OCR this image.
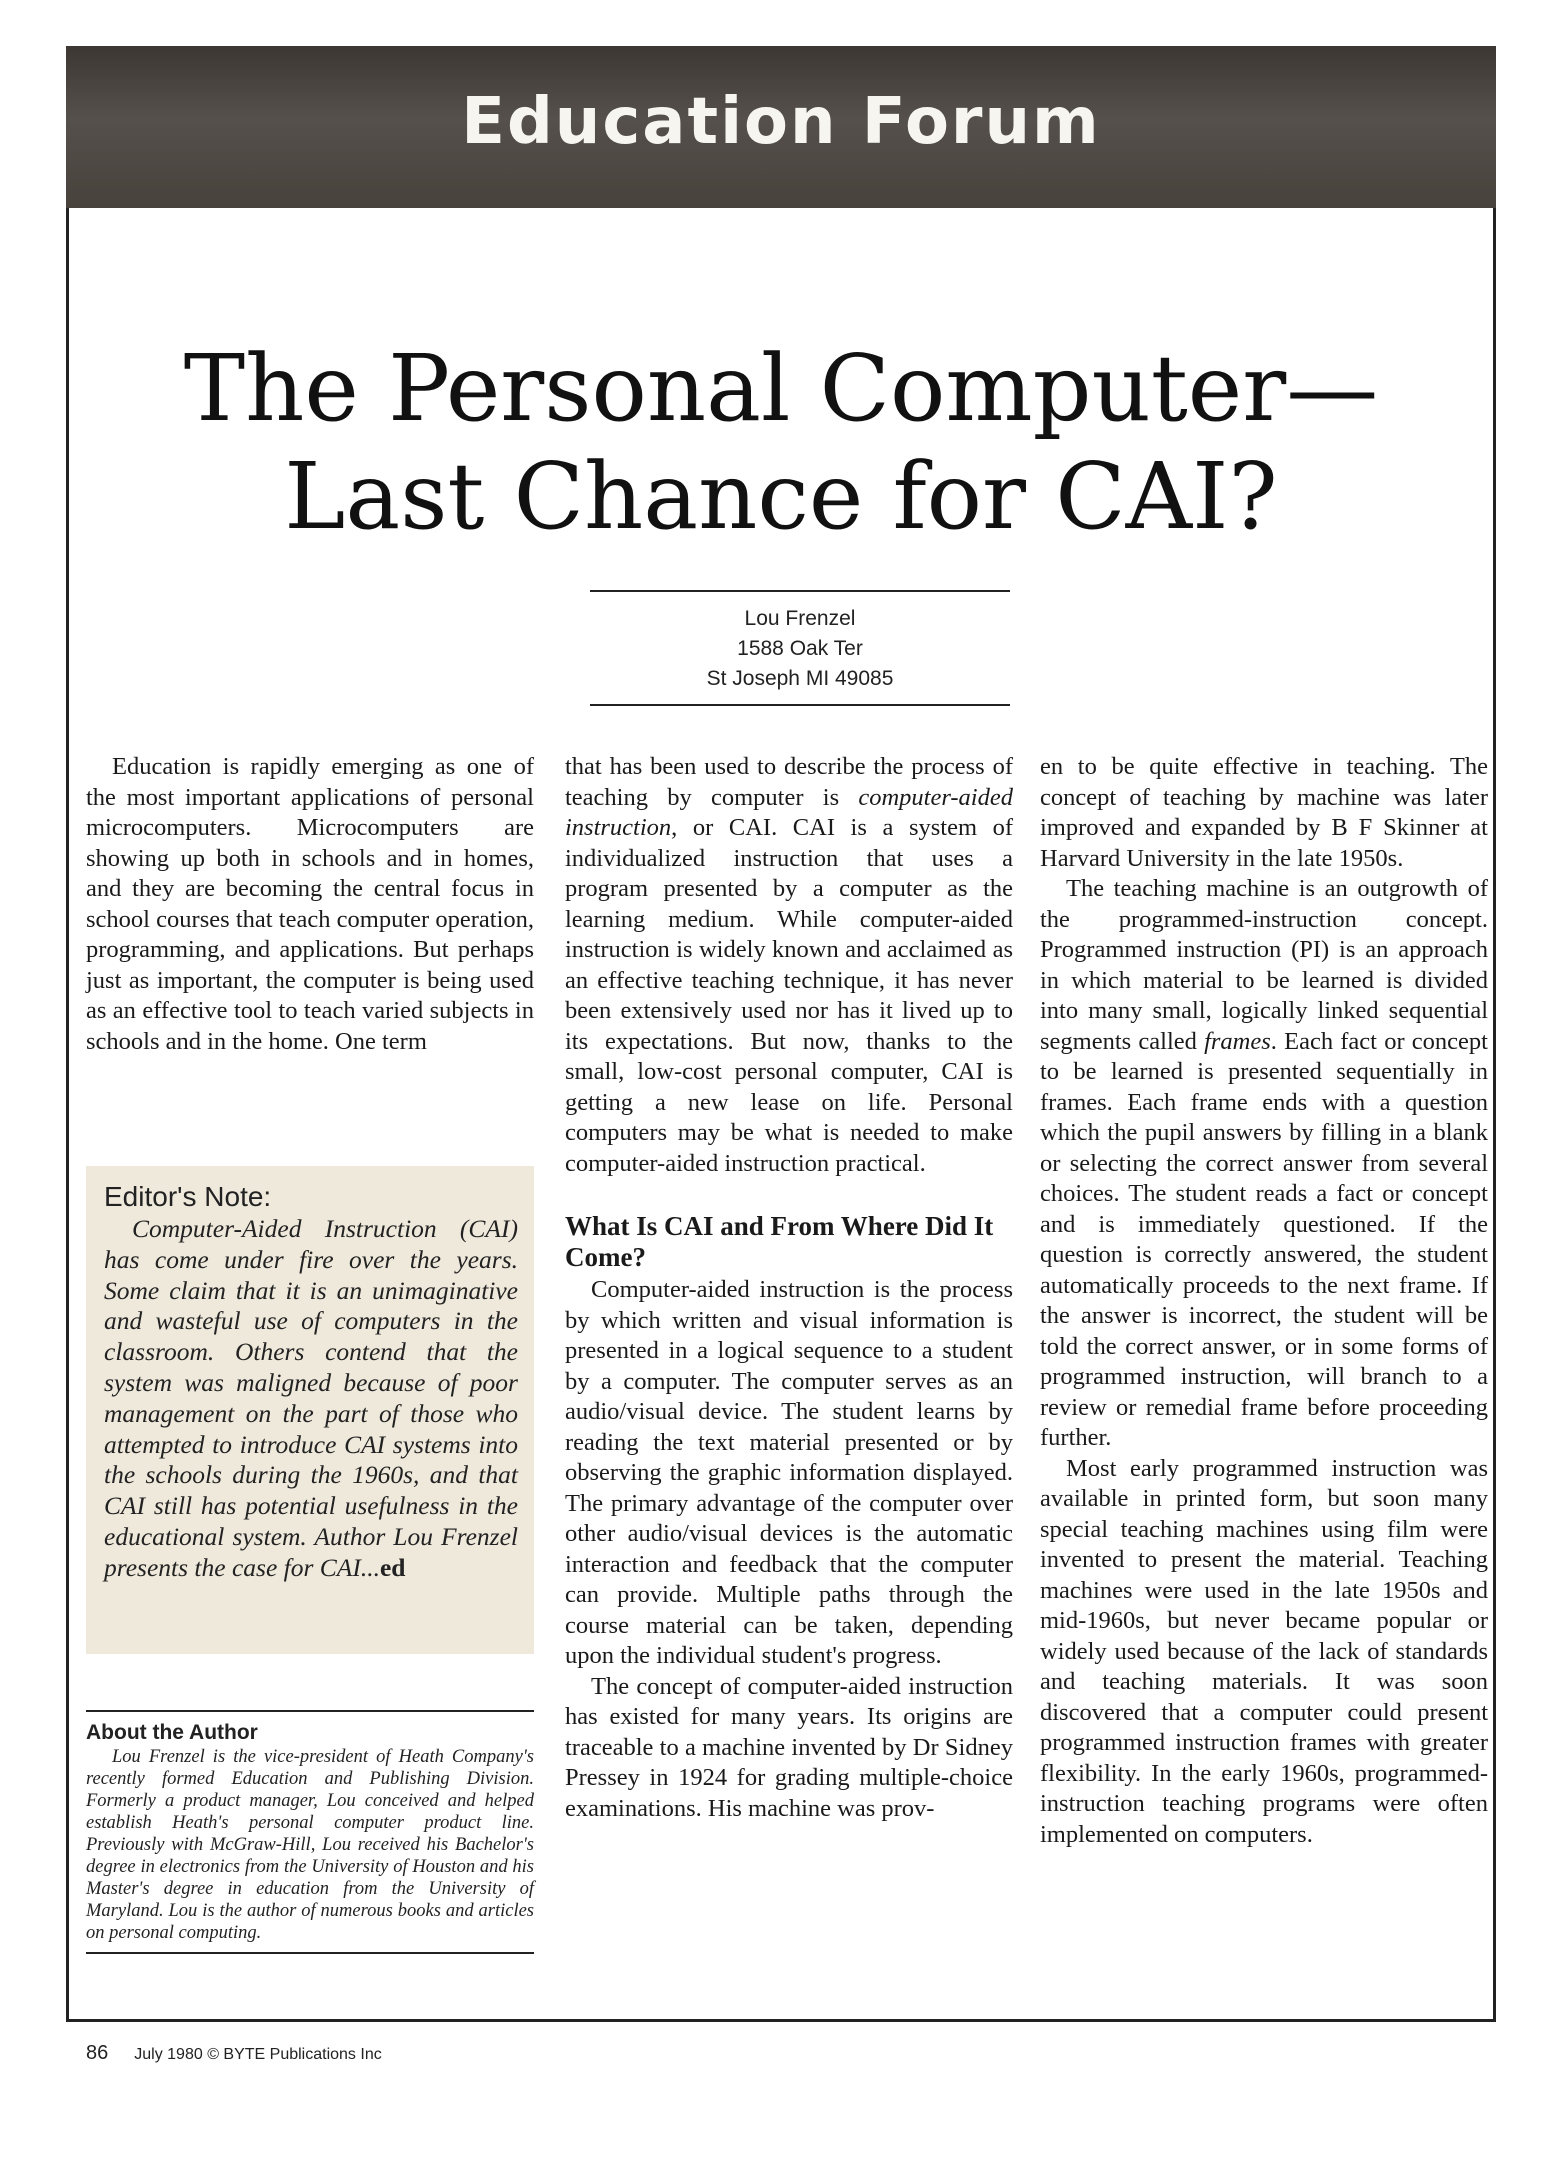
Education Forum
The Personal Computer—
Last Chance for CAI?
Lou Frenzel
1588 Oak Ter
St Joseph MI 49085

Education is rapidly emerging as one of the most important applications of personal microcomputers. Microcomputers are showing up both in schools and in homes, and they are becoming the central focus in school courses that teach computer operation, programming, and applications. But perhaps just as important, the computer is being used as an effective tool to teach varied subjects in schools and in the home. One term

Editor's Note:

Computer-Aided Instruction (CAI) has come under fire over the years. Some claim that it is an unimaginative and wasteful use of computers in the classroom. Others contend that the system was maligned because of poor management on the part of those who attempted to introduce CAI systems into the schools during the 1960s, and that CAI still has potential usefulness in the educational system. Author Lou Frenzel presents the case for CAI...ed

About the Author

Lou Frenzel is the vice-president of Heath Company's recently formed Education and Publishing Division. Formerly a product manager, Lou conceived and helped establish Heath's personal computer product line. Previously with McGraw-Hill, Lou received his Bachelor's degree in electronics from the University of Houston and his Master's degree in education from the University of Maryland. Lou is the author of numerous books and articles on personal computing.

that has been used to describe the process of teaching by computer is computer-aided instruction, or CAI. CAI is a system of individualized instruction that uses a program presented by a computer as the learning medium. While computer-aided instruction is widely known and acclaimed as an effective teaching technique, it has never been extensively used nor has it lived up to its expectations. But now, thanks to the small, low-cost personal computer, CAI is getting a new lease on life. Personal computers may be what is needed to make computer-aided instruction practical.

What Is CAI and From Where Did It Come?

Computer-aided instruction is the process by which written and visual information is presented in a logical sequence to a student by a computer. The computer serves as an audio/visual device. The student learns by reading the text material presented or by observing the graphic information displayed. The primary advantage of the computer over other audio/visual devices is the automatic interaction and feedback that the computer can provide. Multiple paths through the course material can be taken, depending upon the individual student's progress.

The concept of computer-aided instruction has existed for many years. Its origins are traceable to a machine invented by Dr Sidney Pressey in 1924 for grading multiple-choice examinations. His machine was prov-

en to be quite effective in teaching. The concept of teaching by machine was later improved and expanded by B F Skinner at Harvard University in the late 1950s.

The teaching machine is an outgrowth of the programmed-instruction concept. Programmed instruction (PI) is an approach in which material to be learned is divided into many small, logically linked sequential segments called frames. Each fact or concept to be learned is presented sequentially in frames. Each frame ends with a question which the pupil answers by filling in a blank or selecting the correct answer from several choices. The student reads a fact or concept and is immediately questioned. If the question is correctly answered, the student automatically proceeds to the next frame. If the answer is incorrect, the student will be told the correct answer, or in some forms of programmed instruction, will branch to a review or remedial frame before proceeding further.

Most early programmed instruction was available in printed form, but soon many special teaching machines using film were invented to present the material. Teaching machines were used in the late 1950s and mid-1960s, but never became popular or widely used because of the lack of standards and teaching materials. It was soon discovered that a computer could present programmed instruction frames with greater flexibility. In the early 1960s, programmed-instruction teaching programs were often implemented on computers.

86 July 1980 © BYTE Publications Inc
